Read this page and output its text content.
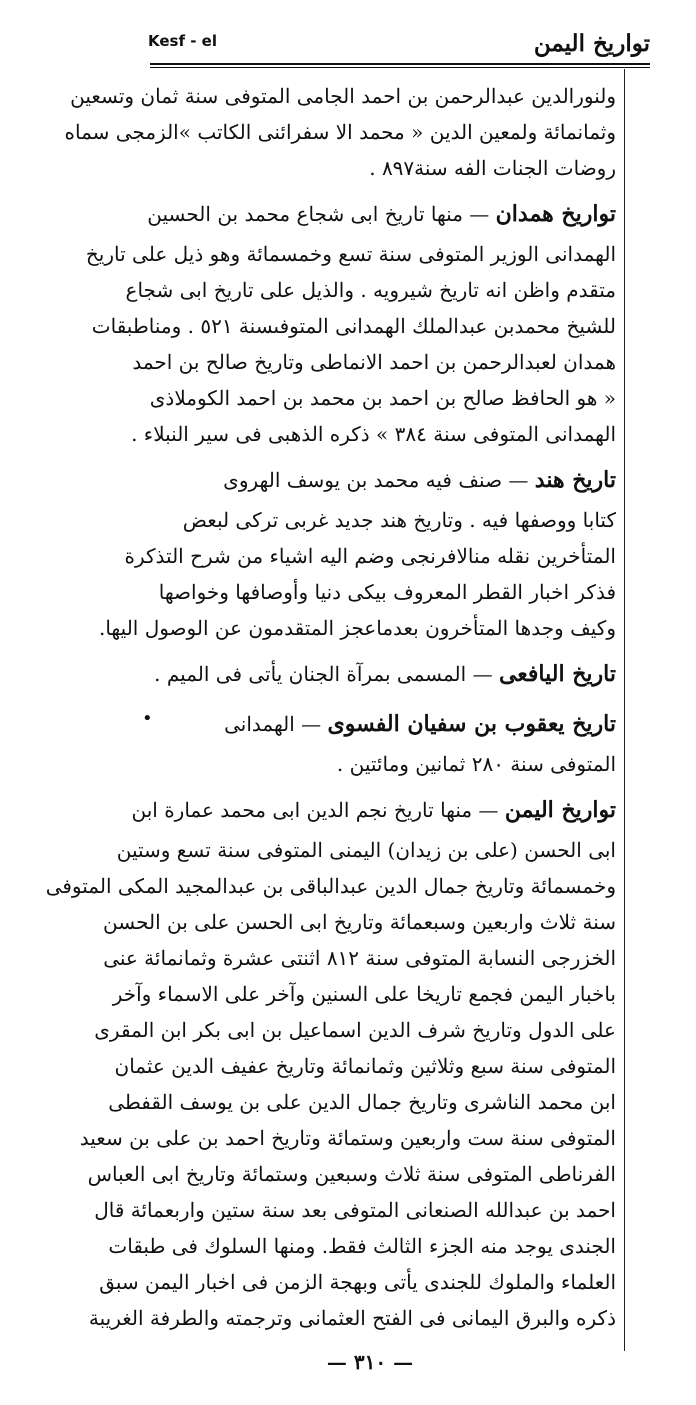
تواريخ اليمن
Kesf - el
ولنورالدين عبدالرحمن بن احمد الجامى المتوفى سنة ثمان وتسعين
وثمانمائة ولمعين الدين « محمد الا سفرائنى الكاتب »الزمجى سماه
روضات الجنات الفه سنة۸۹۷ .
تواريخ همدان — منها تاريخ ابى شجاع محمد بن الحسين
الهمدانى الوزير المتوفى سنة تسع وخمسمائة وهو ذيل على تاريخ
متقدم واظن انه تاريخ شيرويه . والذيل على تاريخ ابى شجاع
للشيخ محمدبن عبدالملك الهمدانى المتوفىسنة ٥٢١ . ومناطبقات
همدان لعبدالرحمن بن احمد الانماطى وتاريخ صالح بن احمد
« هو الحافظ صالح بن احمد بن محمد بن احمد الكوملاذى
الهمدانى المتوفى سنة ٣٨٤ » ذكره الذهبى فى سير النبلاء .
تاريخ هند — صنف فيه محمد بن يوسف الهروى
كتابا ووصفها فيه . وتاريخ هند جديد غربى تركى لبعض
المتأخرين نقله منالافرنجى وضم اليه اشياء من شرح التذكرة
فذكر اخبار القطر المعروف بيكى دنيا وأوصافها وخواصها
وكيف وجدها المتأخرون بعدماعجز المتقدمون عن الوصول اليها.
تاريخ اليافعى — المسمى بمرآة الجنان يأتى فى الميم .
تاريخ يعقوب بن سفيان الفسوى — الهمدانى
المتوفى سنة ٢٨٠ ثمانين ومائتين .
تواريخ اليمن — منها تاريخ نجم الدين ابى محمد عمارة ابن
ابى الحسن (على بن زيدان) اليمنى المتوفى سنة تسع وستين
وخمسمائة وتاريخ جمال الدين عبدالباقى بن عبدالمجيد المكى المتوفى
سنة ثلاث واربعين وسبعمائة وتاريخ ابى الحسن على بن الحسن
الخزرجى النسابة المتوفى سنة ٨١٢ اثنتى عشرة وثمانمائة عنى
باخبار اليمن فجمع تاريخا على السنين وآخر على الاسماء وآخر
على الدول وتاريخ شرف الدين اسماعيل بن ابى بكر ابن المقرى
المتوفى سنة سبع وثلاثين وثمانمائة وتاريخ عفيف الدين عثمان
ابن محمد الناشرى وتاريخ جمال الدين على بن يوسف القفطى
المتوفى سنة ست واربعين وستمائة وتاريخ احمد بن على بن سعيد
الفرناطى المتوفى سنة ثلاث وسبعين وستمائة وتاريخ ابى العباس
احمد بن عبدالله الصنعانى المتوفى بعد سنة ستين واربعمائة قال
الجندى يوجد منه الجزء الثالث فقط. ومنها السلوك فى طبقات
العلماء والملوك للجندى يأتى وبهجة الزمن فى اخبار اليمن سبق
ذكره والبرق اليمانى فى الفتح العثمانى وترجمته والطرفة الغريبة
•
— ٣١٠ —
